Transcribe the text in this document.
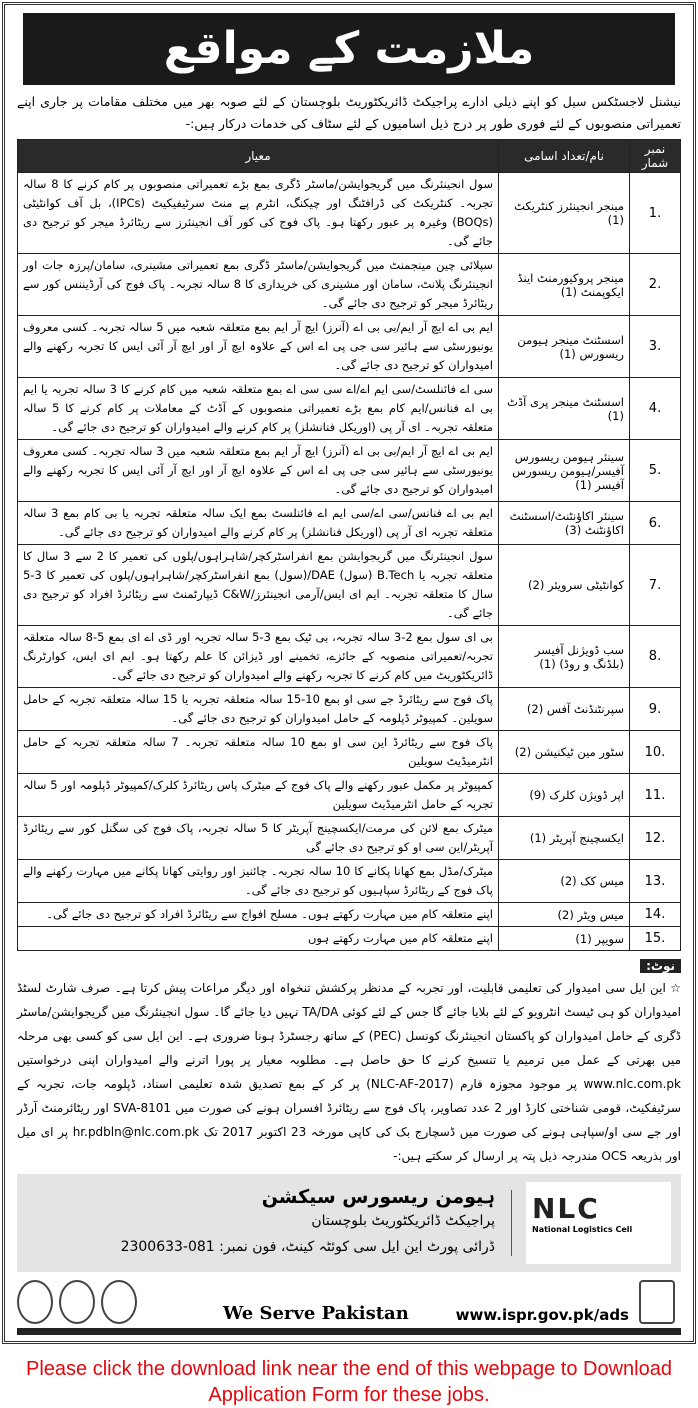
ملازمت کے مواقع
نیشنل لاجسٹکس سیل کو اپنے ذیلی ادارے پراجیکٹ ڈائریکٹوریٹ بلوچستان کے لئے صوبہ بھر میں مختلف مقامات پر جاری اپنے تعمیراتی منصوبوں کے لئے فوری طور پر درج ذیل اسامیوں کے لئے سٹاف کی خدمات درکار ہیں:-
نمبر شمار	نام/تعداد اسامی	معیار
1.	مینجر انجینئرز کنٹریکٹ (1)	سول انجینئرنگ میں گریجوایشن/ماسٹر ڈگری بمع بڑے تعمیراتی منصوبوں پر کام کرنے کا 8 سالہ تجربہ۔ کنٹریکٹ کی ڈرافٹنگ اور چیکنگ، انٹرم پے منٹ سرٹیفیکیٹ (IPCs)، بل آف کوانٹیٹی (BOQs) وغیرہ پر عبور رکھتا ہو۔ پاک فوج کی کور آف انجینئرز سے ریٹائرڈ میجر کو ترجیح دی جائے گی۔
2.	مینجر پروکیورمنٹ اینڈ ایکوپمنٹ (1)	سپلائی چین مینجمنٹ میں گریجوایشن/ماسٹر ڈگری بمع تعمیراتی مشینری، سامان/پرزہ جات اور انجینئرنگ پلانٹ، سامان اور مشینری کی خریداری کا 8 سالہ تجربہ۔ پاک فوج کی آرڈیننس کور سے ریٹائرڈ میجر کو ترجیح دی جائے گی۔
3.	اسسٹنٹ مینجر ہیومن ریسورس (1)	ایم بی اے ایچ آر ایم/بی بی اے (آنرز) ایچ آر ایم بمع متعلقہ شعبہ میں 5 سالہ تجربہ۔ کسی معروف یونیورسٹی سے ہائیر سی جی پی اے اس کے علاوہ ایچ آر اور ایچ آر آئی ایس کا تجربہ رکھنے والے امیدواران کو ترجیح دی جائے گی۔
4.	اسسٹنٹ مینجر پری آڈٹ (1)	سی اے فائنلسٹ/سی ایم اے/اے سی سی اے بمع متعلقہ شعبہ میں کام کرنے کا 3 سالہ تجربہ یا ایم بی اے فنانس/ایم کام بمع بڑے تعمیراتی منصوبوں کے آڈٹ کے معاملات پر کام کرنے کا 5 سالہ متعلقہ تجربہ۔ ای آر پی (اوریکل فنانشلز) پر کام کرنے والے امیدواران کو ترجیح دی جائے گی۔
5.	سینئر ہیومن ریسورس آفیسر/ہیومن ریسورس آفیسر (1)	ایم بی اے ایچ آر ایم/بی بی اے (آنرز) ایچ آر ایم بمع متعلقہ شعبہ میں 3 سالہ تجربہ۔ کسی معروف یونیورسٹی سے ہائیر سی جی پی اے اس کے علاوہ ایچ آر اور ایچ آر آئی ایس کا تجربہ رکھنے والے امیدواران کو ترجیح دی جائے گی۔
6.	سینئر اکاؤنٹنٹ/اسسٹنٹ اکاؤنٹنٹ (3)	ایم بی اے فنانس/سی اے/سی ایم اے فائنلسٹ بمع ایک سالہ متعلقہ تجربہ یا بی کام بمع 3 سالہ متعلقہ تجربہ ای آر پی (اوریکل فنانشلز) پر کام کرنے والے امیدواران کو ترجیح دی جائے گی۔
7.	کوانٹیٹی سرویئر (2)	سول انجینئرنگ میں گریجوایشن بمع انفراسٹرکچر/شاہراہوں/پلوں کی تعمیر کا 2 سے 3 سال کا متعلقہ تجربہ یا B.Tech (سول) DAE/(سول) بمع انفراسٹرکچر/شاہراہوں/پلوں کی تعمیر کا 3-5 سال کا متعلقہ تجربہ۔ ایم ای ایس/آرمی انجینئرز/C&W ڈیپارٹمنٹ سے ریٹائرڈ افراد کو ترجیح دی جائے گی۔
8.	سب ڈویژنل آفیسر (بلڈنگ و روڈ) (1)	بی ای سول بمع 2-3 سالہ تجربہ، بی ٹیک بمع 3-5 سالہ تجربہ اور ڈی اے ای بمع 5-8 سالہ متعلقہ تجربہ/تعمیراتی منصوبہ کے جائزے، تخمینے اور ڈیزائن کا علم رکھتا ہو۔ ایم ای ایس، کوارٹرنگ ڈائریکٹوریٹ میں کام کرنے کا تجربہ رکھنے والے امیدواران کو ترجیح دی جائے گی۔
9.	سپرنٹنڈنٹ آفس (2)	پاک فوج سے ریٹائرڈ جے سی او بمع 10-15 سالہ متعلقہ تجربہ یا 15 سالہ متعلقہ تجربہ کے حامل سویلین۔ کمپیوٹر ڈپلومہ کے حامل امیدواران کو ترجیح دی جائے گی۔
10.	سٹور مین ٹیکنیشن (2)	پاک فوج سے ریٹائرڈ این سی او بمع 10 سالہ متعلقہ تجربہ۔ 7 سالہ متعلقہ تجربہ کے حامل انٹرمیڈیٹ سویلین
11.	اپر ڈویژن کلرک (9)	کمپیوٹر پر مکمل عبور رکھنے والے پاک فوج کے میٹرک پاس ریٹائرڈ کلرک/کمپیوٹر ڈپلومہ اور 5 سالہ تجربہ کے حامل انٹرمیڈیٹ سویلین
12.	ایکسچینج آپریٹر (1)	میٹرک بمع لائن کی مرمت/ایکسچینج آپریٹر کا 5 سالہ تجربہ، پاک فوج کی سگنل کور سے ریٹائرڈ آپریٹر/این سی او کو ترجیح دی جائے گی
13.	میس کک (2)	میٹرک/مڈل بمع کھانا پکانے کا 10 سالہ تجربہ۔ چائنیز اور روایتی کھانا پکانے میں مہارت رکھنے والے پاک فوج کے ریٹائرڈ سپاہیوں کو ترجیح دی جائے گی۔
14.	میس ویٹر (2)	اپنے متعلقہ کام میں مہارت رکھتے ہوں۔ مسلح افواج سے ریٹائرڈ افراد کو ترجیح دی جائے گی۔
15.	سویپر (1)	اپنے متعلقہ کام میں مہارت رکھتے ہوں
نوٹ:
☆ این ایل سی امیدوار کی تعلیمی قابلیت، اور تجربہ کے مدنظر پرکشش تنخواہ اور دیگر مراعات پیش کرتا ہے۔ صرف شارٹ لسٹڈ امیدواران کو ہی ٹیسٹ انٹرویو کے لئے بلایا جائے گا جس کے لئے کوئی TA/DA نہیں دیا جائے گا۔ سول انجینئرنگ میں گریجوایشن/ماسٹر ڈگری کے حامل امیدواران کو پاکستان انجینئرنگ کونسل (PEC) کے ساتھ رجسٹرڈ ہونا ضروری ہے۔ این ایل سی کو کسی بھی مرحلہ میں بھرتی کے عمل میں ترمیم یا تنسیخ کرنے کا حق حاصل ہے۔ مطلوبہ معیار پر پورا اترنے والے امیدواران اپنی درخواستیں www.nlc.com.pk پر موجود مجوزہ فارم (NLC-AF-2017) پر کر کے بمع تصدیق شدہ تعلیمی اسناد، ڈپلومہ جات، تجربہ کے سرٹیفکیٹ، قومی شناختی کارڈ اور 2 عدد تصاویر، پاک فوج سے ریٹائرڈ افسران ہونے کی صورت میں SVA-8101 اور ریٹائرمنٹ آرڈر اور جے سی او/سپاہی ہونے کی صورت میں ڈسچارج بک کی کاپی مورخہ 23 اکتوبر 2017 تک hr.pdbln@nlc.com.pk پر ای میل اور بذریعہ OCS مندرجہ ذیل پتہ پر ارسال کر سکتے ہیں:-
ہیومن ریسورس سیکشن
پراجیکٹ ڈائریکٹوریٹ بلوچستان
ڈرائی پورٹ این ایل سی کوئٹہ کینٹ، فون نمبر: 081-2300633
NLC
National Logistics Cell
We Serve Pakistan	www.ispr.gov.pk/ads
Please click the download link near the end of this webpage to Download Application Form for these jobs.
